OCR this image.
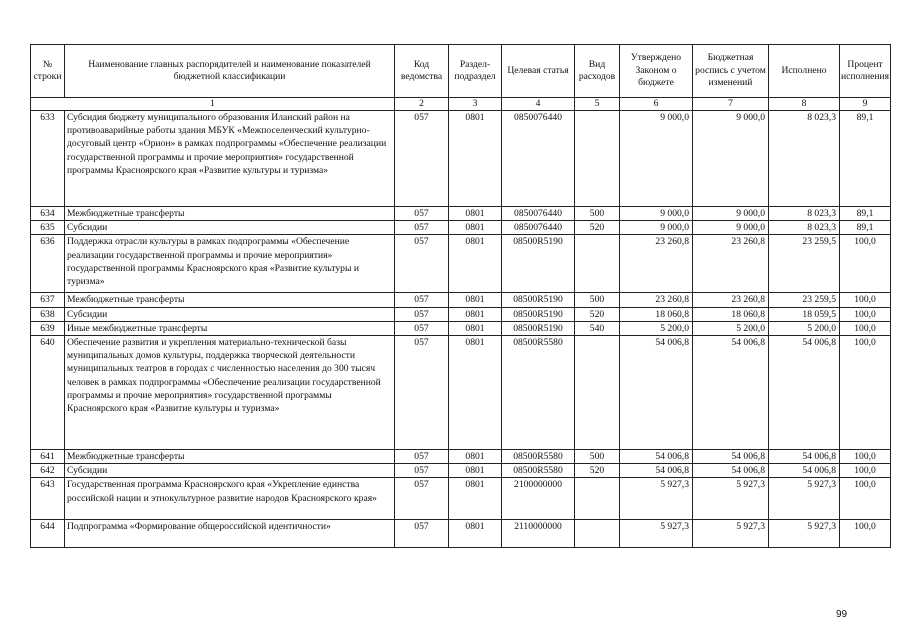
№ строки	Наименование главных распорядителей и наименование показателей бюджетной классификации	Код ведомства	Раздел-подраздел	Целевая статья	Вид расходов	Утверждено Законом о бюджете	Бюджетная роспись с учетом изменений	Исполнено	Процент исполнения
1		2	3	4	5	6	7	8	9
633	Субсидия бюджету муниципального образования Иланский район на противоаварийные работы здания МБУК «Межпоселенческий культурно-досуговый центр «Орион» в рамках подпрограммы «Обеспечение реализации государственной программы и прочие мероприятия» государственной программы Красноярского края «Развитие культуры и туризма»	057	0801	0850076440		9 000,0	9 000,0	8 023,3	89,1
634	Межбюджетные трансферты	057	0801	0850076440	500	9 000,0	9 000,0	8 023,3	89,1
635	Субсидии	057	0801	0850076440	520	9 000,0	9 000,0	8 023,3	89,1
636	Поддержка отрасли культуры в рамках подпрограммы «Обеспечение реализации государственной программы и прочие мероприятия» государственной программы Красноярского края «Развитие культуры и туризма»	057	0801	08500R5190		23 260,8	23 260,8	23 259,5	100,0
637	Межбюджетные трансферты	057	0801	08500R5190	500	23 260,8	23 260,8	23 259,5	100,0
638	Субсидии	057	0801	08500R5190	520	18 060,8	18 060,8	18 059,5	100,0
639	Иные межбюджетные трансферты	057	0801	08500R5190	540	5 200,0	5 200,0	5 200,0	100,0
640	Обеспечение развития и укрепления материально-технической базы муниципальных домов культуры, поддержка творческой деятельности муниципальных театров в городах с численностью населения до 300 тысяч человек в рамках подпрограммы «Обеспечение реализации государственной программы и прочие мероприятия» государственной программы Красноярского края «Развитие культуры и туризма»	057	0801	08500R5580		54 006,8	54 006,8	54 006,8	100,0
641	Межбюджетные трансферты	057	0801	08500R5580	500	54 006,8	54 006,8	54 006,8	100,0
642	Субсидии	057	0801	08500R5580	520	54 006,8	54 006,8	54 006,8	100,0
643	Государственная программа Красноярского края «Укрепление единства российской нации и этнокультурное развитие народов Красноярского края»	057	0801	2100000000		5 927,3	5 927,3	5 927,3	100,0
644	Подпрограмма «Формирование общероссийской идентичности»	057	0801	2110000000		5 927,3	5 927,3	5 927,3	100,0
99
